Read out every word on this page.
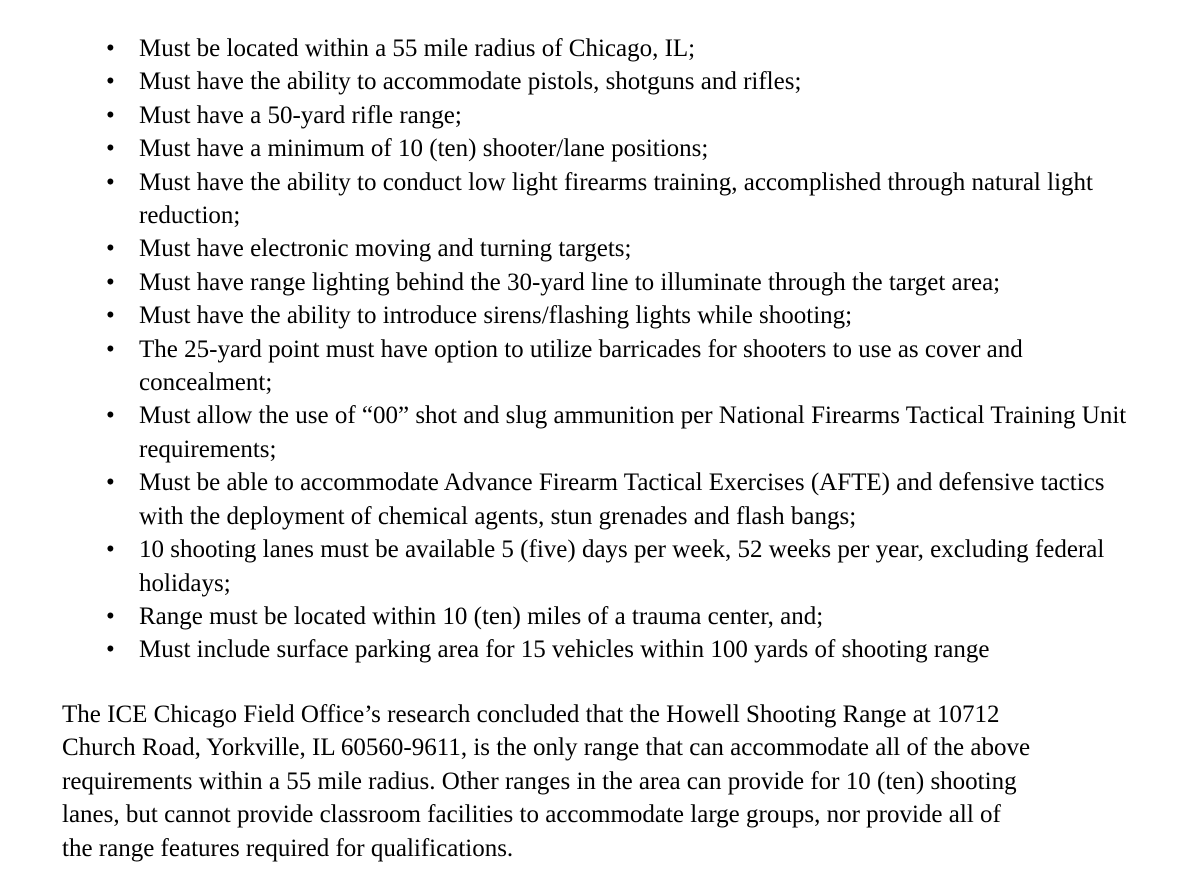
• Must be located within a 55 mile radius of Chicago, IL;
• Must have the ability to accommodate pistols, shotguns and rifles;
• Must have a 50-yard rifle range;
• Must have a minimum of 10 (ten) shooter/lane positions;
• Must have the ability to conduct low light firearms training, accomplished through natural light reduction;
• Must have electronic moving and turning targets;
• Must have range lighting behind the 30-yard line to illuminate through the target area;
• Must have the ability to introduce sirens/flashing lights while shooting;
• The 25-yard point must have option to utilize barricades for shooters to use as cover and concealment;
• Must allow the use of “00” shot and slug ammunition per National Firearms Tactical Training Unit requirements;
• Must be able to accommodate Advance Firearm Tactical Exercises (AFTE) and defensive tactics with the deployment of chemical agents, stun grenades and flash bangs;
• 10 shooting lanes must be available 5 (five) days per week, 52 weeks per year, excluding federal holidays;
• Range must be located within 10 (ten) miles of a trauma center, and;
• Must include surface parking area for 15 vehicles within 100 yards of shooting range

The ICE Chicago Field Office’s research concluded that the Howell Shooting Range at 10712
Church Road, Yorkville, IL 60560-9611, is the only range that can accommodate all of the above
requirements within a 55 mile radius. Other ranges in the area can provide for 10 (ten) shooting
lanes, but cannot provide classroom facilities to accommodate large groups, nor provide all of
the range features required for qualifications.
